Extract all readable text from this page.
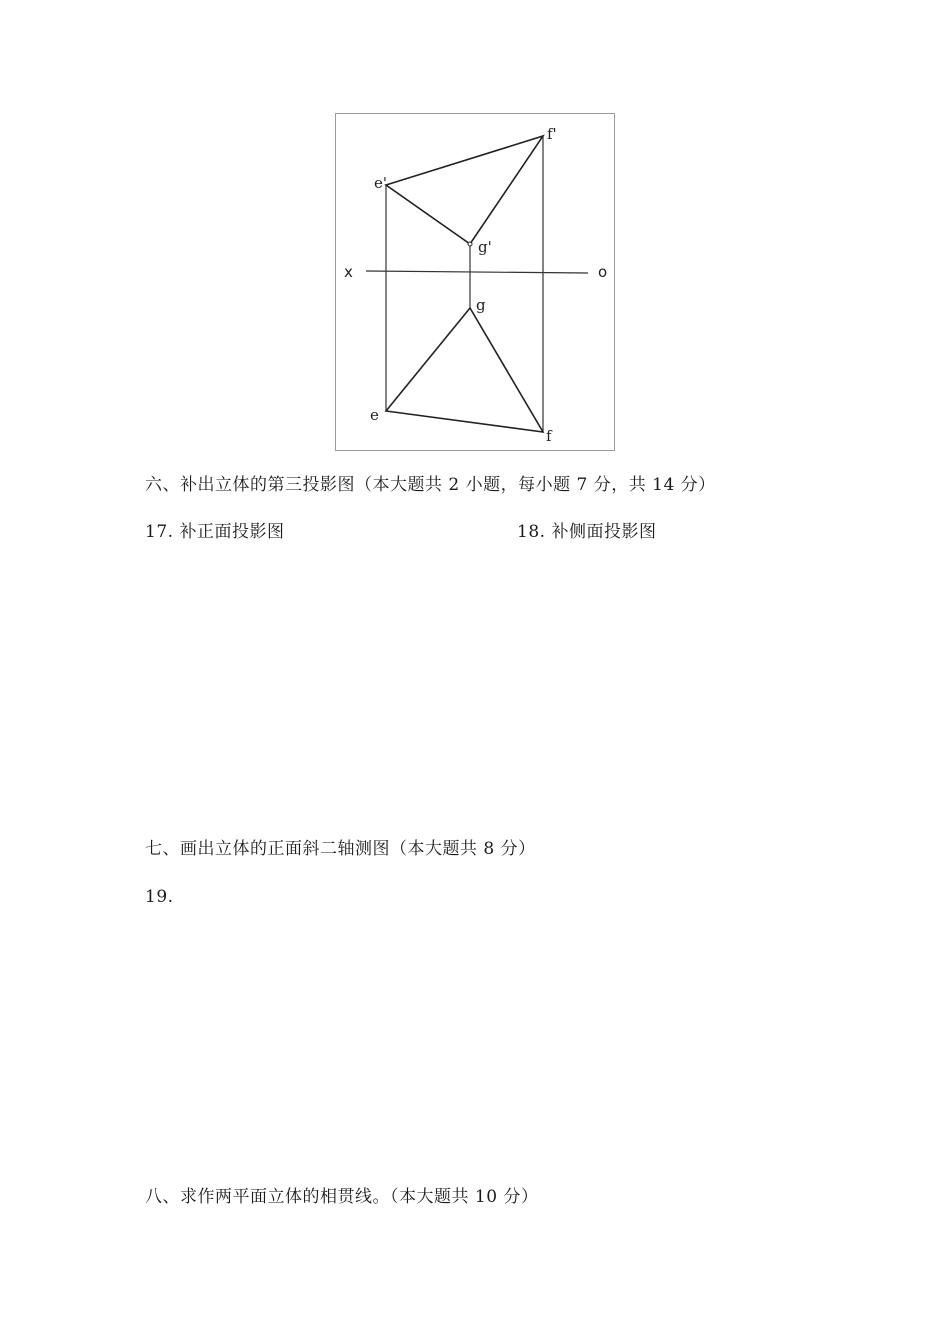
e'
f'
g'
x	o
g
e
f
六、补出立体的第三投影图（本大题共 2 小题，每小题 7 分，共 14 分）
17. 补正面投影图	18. 补侧面投影图
七、画出立体的正面斜二轴测图（本大题共 8 分）
19.
八、求作两平面立体的相贯线。（本大题共 10 分）
